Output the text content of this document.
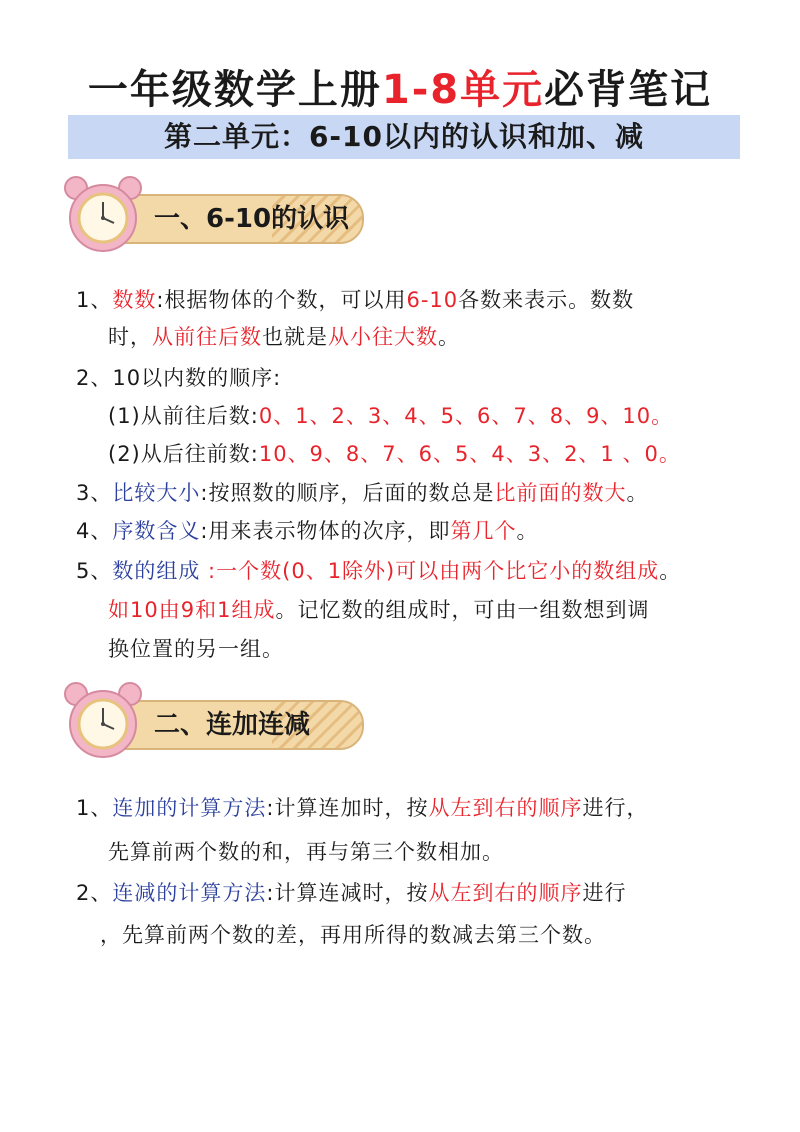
一年级数学上册1-8单元必背笔记
第二单元：6-10以内的认识和加、减
一、6-10的认识
1、数数:根据物体的个数，可以用6-10各数来表示。数数
时，从前往后数也就是从小往大数。
2、10以内数的顺序:
(1)从前往后数:0、1、2、3、4、5、6、7、8、9、10。
(2)从后往前数:10、9、8、7、6、5、4、3、2、1 、0。
3、比较大小:按照数的顺序，后面的数总是比前面的数大。
4、序数含义:用来表示物体的次序，即第几个。
5、数的组成 :一个数(0、1除外)可以由两个比它小的数组成。
如10由9和1组成。记忆数的组成时，可由一组数想到调
换位置的另一组。
二、连加连减
1、连加的计算方法:计算连加时，按从左到右的顺序进行，
先算前两个数的和，再与第三个数相加。
2、连减的计算方法:计算连减时，按从左到右的顺序进行
，先算前两个数的差，再用所得的数减去第三个数。
